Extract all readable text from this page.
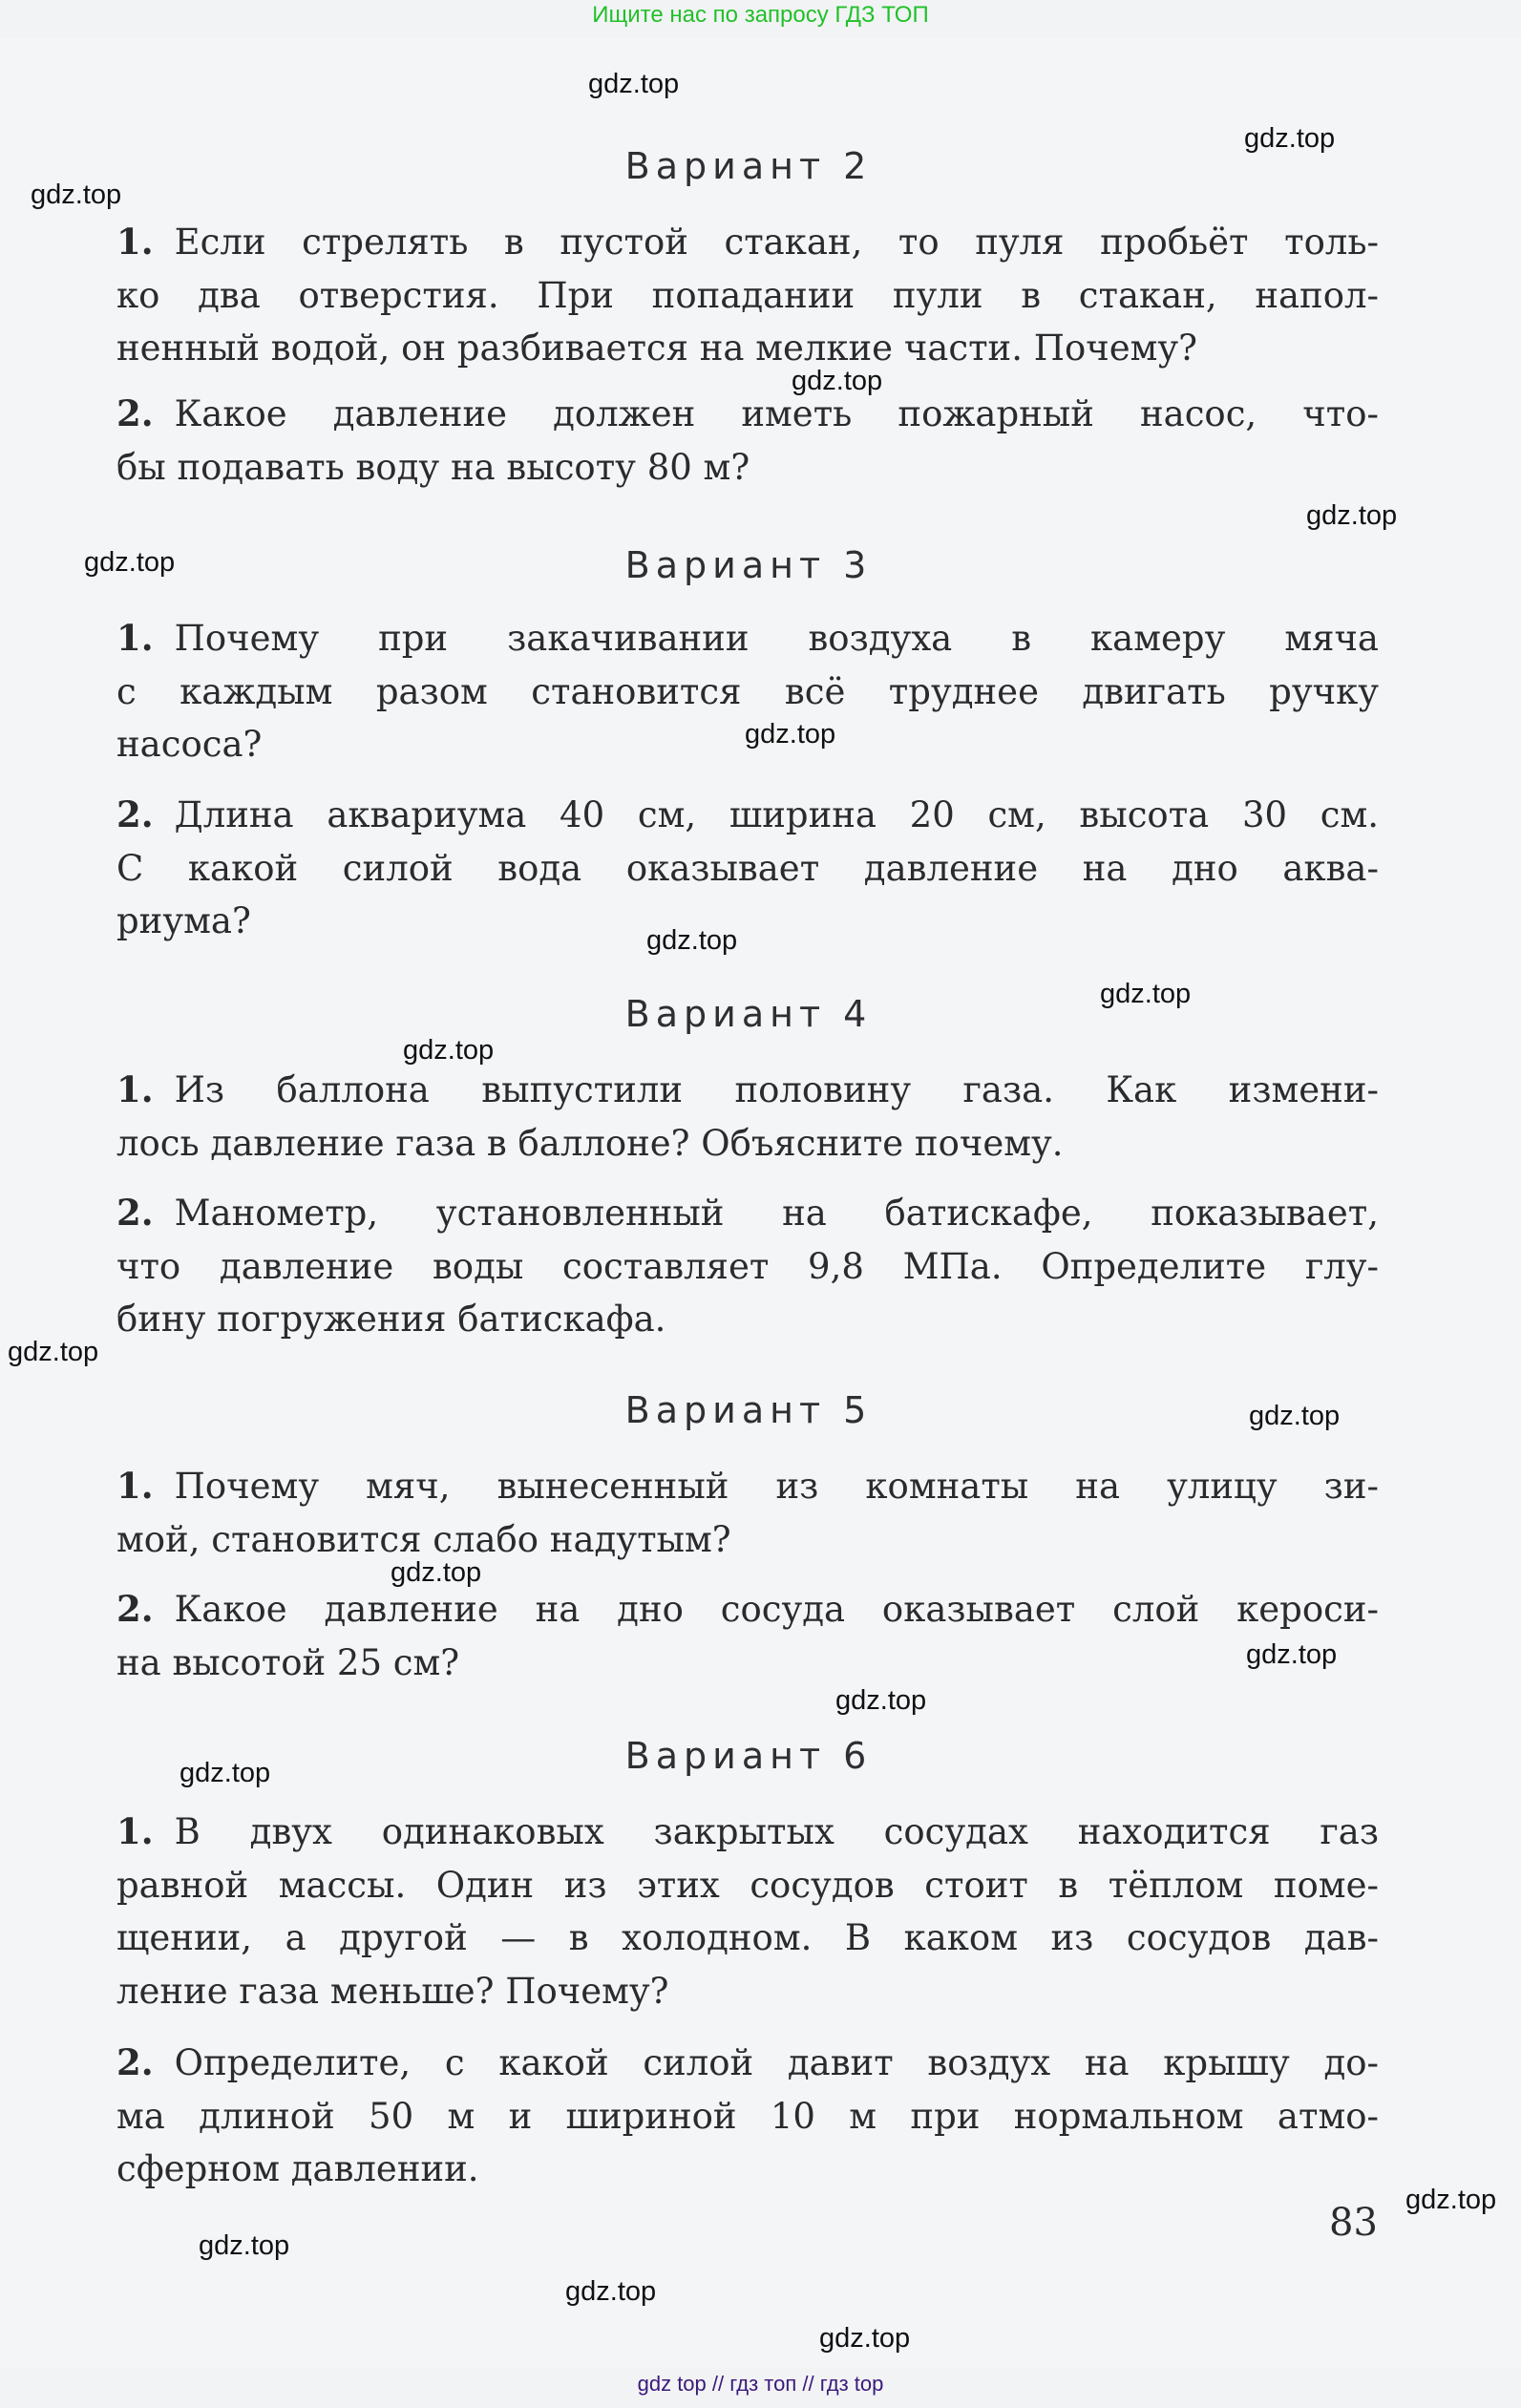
Ищите нас по запросу ГДЗ ТОП
Вариант 2
1. Если стрелять в пустой стакан, то пуля пробьёт толь-
ко два отверстия. При попадании пули в стакан, напол-
ненный водой, он разбивается на мелкие части. Почему?
2. Какое давление должен иметь пожарный насос, что-
бы подавать воду на высоту 80 м?
Вариант 3
1. Почему при закачивании воздуха в камеру мяча
с каждым разом становится всё труднее двигать ручку
насоса?
2. Длина аквариума 40 см, ширина 20 см, высота 30 см.
С какой силой вода оказывает давление на дно аква-
риума?
Вариант 4
1. Из баллона выпустили половину газа. Как измени-
лось давление газа в баллоне? Объясните почему.
2. Манометр, установленный на батискафе, показывает,
что давление воды составляет 9,8 МПа. Определите глу-
бину погружения батискафа.
Вариант 5
1. Почему мяч, вынесенный из комнаты на улицу зи-
мой, становится слабо надутым?
2. Какое давление на дно сосуда оказывает слой кероси-
на высотой 25 см?
Вариант 6
1. В двух одинаковых закрытых сосудах находится газ
равной массы. Один из этих сосудов стоит в тёплом поме-
щении, а другой — в холодном. В каком из сосудов дав-
ление газа меньше? Почему?
2. Определите, с какой силой давит воздух на крышу до-
ма длиной 50 м и шириной 10 м при нормальном атмо-
сферном давлении.
83
gdz.top
gdz.top
gdz.top
gdz.top
gdz.top
gdz.top
gdz.top
gdz.top
gdz.top
gdz.top
gdz.top
gdz.top
gdz.top
gdz.top
gdz.top
gdz.top
gdz.top
gdz.top
gdz.top
gdz.top
gdz top // гдз топ // гдз top
